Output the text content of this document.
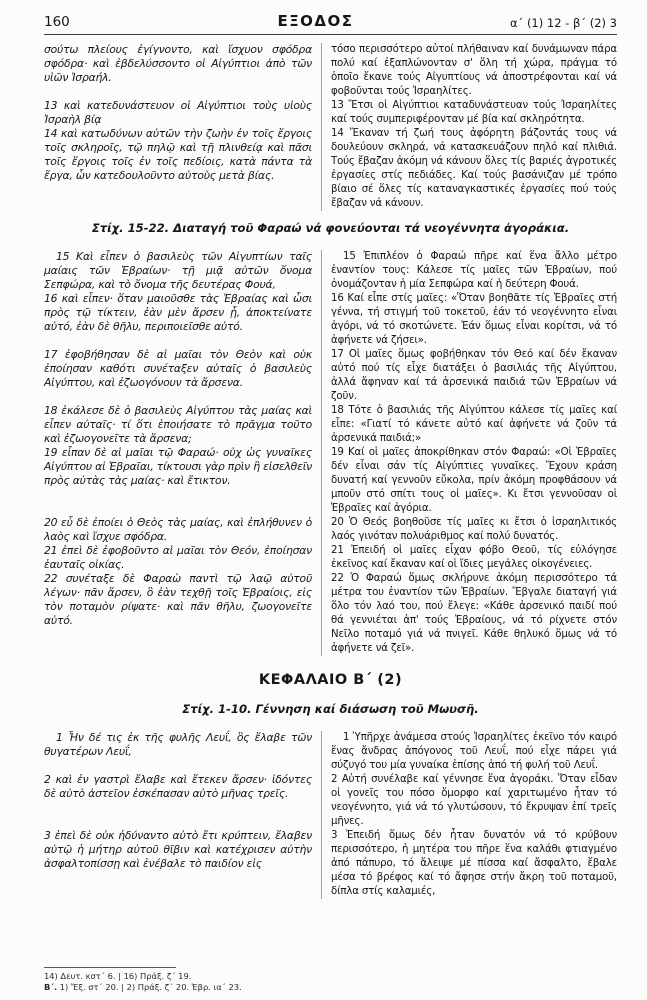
160	ΕΞΟΔΟΣ	α΄ (1) 12 - β΄ (2) 3
σούτω πλείους ἐγίγνοντο, καὶ ἴσχυον σφόδρα σφόδρα· καὶ ἐβδελύσσοντο οἱ Αἰγύπτιοι ἀπὸ τῶν υἱῶν Ἰσραήλ.
τόσο περισσότερο αὐτοί πλήθαιναν καί δυνάμωναν πάρα πολύ καί ἐξαπλώνονταν σ' ὅλη τή χώρα, πράγμα τό ὁποῖο ἔκανε τούς Αἰγυπτίους νά ἀποστρέφονται καί νά φοβοῦνται τούς Ἰσραηλίτες.
13 καὶ κατεδυνάστευον οἱ Αἰγύπτιοι τοὺς υἱοὺς Ἰσραὴλ βίᾳ
13 Ἔτσι οἱ Αἰγύπτιοι καταδυνάστευαν τούς Ἰσραηλίτες καί τούς συμπεριφέρονταν μέ βία καί σκληρότητα.
14 καὶ κατωδύνων αὐτῶν τὴν ζωὴν ἐν τοῖς ἔργοις τοῖς σκληροῖς, τῷ πηλῷ καὶ τῇ πλινθείᾳ καὶ πᾶσι τοῖς ἔργοις τοῖς ἐν τοῖς πεδίοις, κατὰ πάντα τὰ ἔργα, ὧν κατεδουλοῦντο αὐτοὺς μετὰ βίας.
14 Ἔκαναν τή ζωή τους ἀφόρητη βάζοντάς τους νά δουλεύουν σκληρά, νά κατασκευάζουν πηλό καί πλιθιά. Τούς ἔβαζαν ἀκόμη νά κάνουν ὅλες τίς βαριές ἀγροτικές ἐργασίες στίς πεδιάδες. Καί τούς βασάνιζαν μέ τρόπο βίαιο σέ ὅλες τίς καταναγκαστικές ἐργασίες πού τούς ἔβαζαν νά κάνουν.
Στίχ. 15-22. Διαταγή τοῦ Φαραώ νά φονεύονται τά νεογέννητα ἀγοράκια.
15 Καὶ εἶπεν ὁ βασιλεὺς τῶν Αἰγυπτίων ταῖς μαίαις τῶν Ἑβραίων· τῇ μιᾷ αὐτῶν ὄνομα Σεπφώρα, καὶ τὸ ὄνομα τῆς δευτέρας Φουά,
15 Ἐπιπλέον ὁ Φαραώ πῆρε καί ἕνα ἄλλο μέτρο ἐναντίον τους: Κάλεσε τίς μαῖες τῶν Ἑβραίων, πού ὀνομάζονταν ἡ μία Σεπφώρα καί ἡ δεύτερη Φουά.
16 καὶ εἶπεν· ὅταν μαιοῦσθε τὰς Ἑβραίας καὶ ὦσι πρὸς τῷ τίκτειν, ἐὰν μὲν ἄρσεν ᾖ, ἀποκτείνατε αὐτό, ἐὰν δὲ θῆλυ, περιποιεῖσθε αὐτό.
16 Καί εἶπε στίς μαῖες: «Ὅταν βοηθᾶτε τίς Ἑβραῖες στή γέννα, τή στιγμή τοῦ τοκετοῦ, ἐάν τό νεογέννητο εἶναι ἀγόρι, νά τό σκοτώνετε. Ἐάν ὅμως εἶναι κορίτσι, νά τό ἀφήνετε νά ζήσει».
17 ἐφοβήθησαν δὲ αἱ μαῖαι τὸν Θεὸν καὶ οὐκ ἐποίησαν καθότι συνέταξεν αὐταῖς ὁ βασιλεὺς Αἰγύπτου, καὶ ἐζωογόνουν τὰ ἄρσενα.
17 Οἱ μαῖες ὅμως φοβήθηκαν τόν Θεό καί δέν ἔκαναν αὐτό πού τίς εἶχε διατάξει ὁ βασιλιάς τῆς Αἰγύπτου, ἀλλά ἄφηναν καί τά ἀρσενικά παιδιά τῶν Ἑβραίων νά ζοῦν.
18 ἐκάλεσε δὲ ὁ βασιλεὺς Αἰγύπτου τὰς μαίας καὶ εἶπεν αὐταῖς· τί ὅτι ἐποιήσατε τὸ πρᾶγμα τοῦτο καὶ ἐζωογονεῖτε τὰ ἄρσενα;
18 Τότε ὁ βασιλιάς τῆς Αἰγύπτου κάλεσε τίς μαῖες καί εἶπε: «Γιατί τό κάνετε αὐτό καί ἀφήνετε νά ζοῦν τά ἀρσενικά παιδιά;»
19 εἶπαν δὲ αἱ μαῖαι τῷ Φαραώ· οὐχ ὡς γυναῖκες Αἰγύπτου αἱ Ἑβραῖαι, τίκτουσι γὰρ πρὶν ἢ εἰσελθεῖν πρὸς αὐτὰς τὰς μαίας· καὶ ἔτικτον.
19 Καί οἱ μαῖες ἀποκρίθηκαν στόν Φαραώ: «Οἱ Ἑβραῖες δέν εἶναι σάν τίς Αἰγύπτιες γυναῖκες. Ἔχουν κράση δυνατή καί γεννοῦν εὔκολα, πρίν ἀκόμη προφθάσουν νά μποῦν στό σπίτι τους οἱ μαῖες». Κι ἔτσι γεννοῦσαν οἱ Ἑβραῖες καί ἀγόρια.
20 εὖ δὲ ἐποίει ὁ Θεὸς τὰς μαίας, καὶ ἐπλήθυνεν ὁ λαὸς καὶ ἴσχυε σφόδρα.
20 Ὁ Θεός βοηθοῦσε τίς μαῖες κι ἔτσι ὁ ἰσραηλιτικός λαός γινόταν πολυάριθμος καί πολύ δυνατός.
21 ἐπεὶ δὲ ἐφοβοῦντο αἱ μαῖαι τὸν Θεόν, ἐποίησαν ἑαυταῖς οἰκίας.
21 Ἐπειδή οἱ μαῖες εἶχαν φόβο Θεοῦ, τίς εὐλόγησε ἐκεῖνος καί ἔκαναν καί οἱ ἴδιες μεγάλες οἰκογένειες.
22 συνέταξε δὲ Φαραὼ παντὶ τῷ λαῷ αὐτοῦ λέγων· πᾶν ἄρσεν, ὃ ἐὰν τεχθῇ τοῖς Ἑβραίοις, εἰς τὸν ποταμὸν ρίψατε· καὶ πᾶν θῆλυ, ζωογονεῖτε αὐτό.
22 Ὁ Φαραώ ὅμως σκλήρυνε ἀκόμη περισσότερο τά μέτρα του ἐναντίον τῶν Ἑβραίων. Ἔβγαλε διαταγή γιά ὅλο τόν λαό του, πού ἔλεγε: «Κάθε ἀρσενικό παιδί πού θά γεννιέται ἀπ' τούς Ἑβραίους, νά τό ρίχνετε στόν Νεῖλο ποταμό γιά νά πνιγεῖ. Κάθε θηλυκό ὅμως νά τό ἀφήνετε νά ζεῖ».
ΚΕΦΑΛΑΙΟ Β΄ (2)
Στίχ. 1-10. Γέννηση καί διάσωση τοῦ Μωυσῆ.
1 Ἦν δέ τις ἐκ τῆς φυλῆς Λευΐ, ὃς ἔλαβε τῶν θυγατέρων Λευΐ,
1 Ὑπῆρχε ἀνάμεσα στούς Ἰσραηλίτες ἐκεῖνο τόν καιρό ἕνας ἄνδρας ἀπόγονος τοῦ Λευΐ, πού εἶχε πάρει γιά σύζυγό του μία γυναίκα ἐπίσης ἀπό τή φυλή τοῦ Λευΐ.
2 καὶ ἐν γαστρὶ ἔλαβε καὶ ἔτεκεν ἄρσεν· ἰδόντες δὲ αὐτὸ ἀστεῖον ἐσκέπασαν αὐτὸ μῆνας τρεῖς.
2 Αὐτή συνέλαβε καί γέννησε ἕνα ἀγοράκι. Ὅταν εἶδαν οἱ γονεῖς του πόσο ὄμορφο καί χαριτωμένο ἦταν τό νεογέννητο, γιά νά τό γλυτώσουν, τό ἔκρυψαν ἐπί τρεῖς μῆνες.
3 ἐπεὶ δὲ οὐκ ἠδύναντο αὐτὸ ἔτι κρύπτειν, ἔλαβεν αὐτῷ ἡ μήτηρ αὐτοῦ θῖβιν καὶ κατέχρισεν αὐτὴν ἀσφαλτοπίσσῃ καὶ ἐνέβαλε τὸ παιδίον εἰς
3 Ἐπειδή ὅμως δέν ἦταν δυνατόν νά τό κρύβουν περισσότερο, ἡ μητέρα του πῆρε ἕνα καλάθι φτιαγμένο ἀπό πάπυρο, τό ἄλειψε μέ πίσσα καί ἄσφαλτο, ἔβαλε μέσα τό βρέφος καί τό ἄφησε στήν ἄκρη τοῦ ποταμοῦ, δίπλα στίς καλαμιές,
14) Δευτ. κστ΄ 6. | 16) Πράξ. ζ΄ 19.
Β΄. 1) Ἔξ. στ΄ 20. | 2) Πράξ. ζ΄ 20. Ἑβρ. ια΄ 23.
